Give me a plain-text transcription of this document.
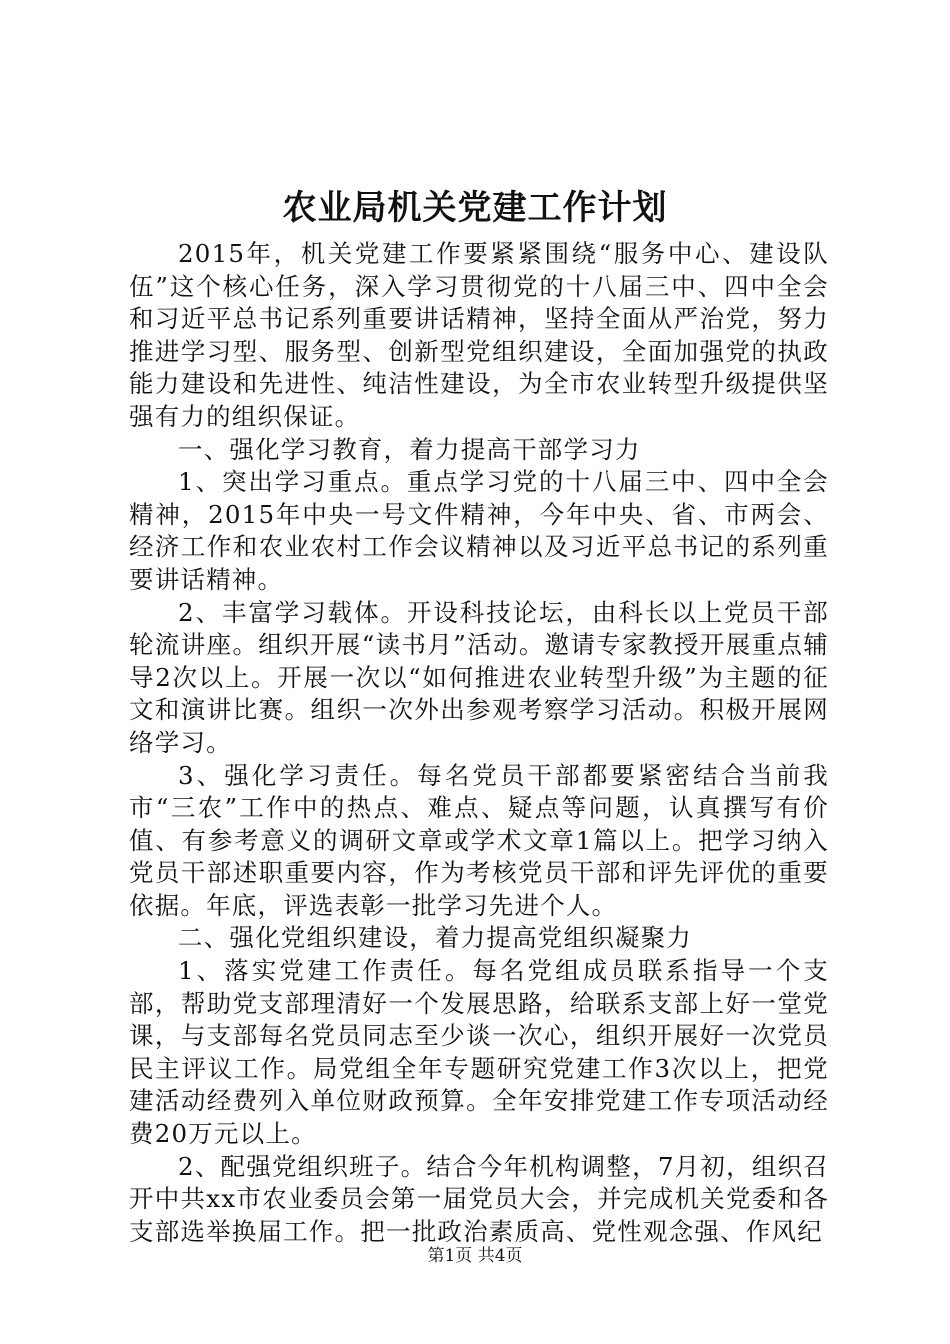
农业局机关党建工作计划

2015年，机关党建工作要紧紧围绕“服务中心、建设队伍”这个核心任务，深入学习贯彻党的十八届三中、四中全会和习近平总书记系列重要讲话精神，坚持全面从严治党，努力推进学习型、服务型、创新型党组织建设，全面加强党的执政能力建设和先进性、纯洁性建设，为全市农业转型升级提供坚强有力的组织保证。

一、强化学习教育，着力提高干部学习力

1、突出学习重点。重点学习党的十八届三中、四中全会精神，2015年中央一号文件精神，今年中央、省、市两会、经济工作和农业农村工作会议精神以及习近平总书记的系列重要讲话精神。

2、丰富学习载体。开设科技论坛，由科长以上党员干部轮流讲座。组织开展“读书月”活动。邀请专家教授开展重点辅导2次以上。开展一次以“如何推进农业转型升级”为主题的征文和演讲比赛。组织一次外出参观考察学习活动。积极开展网络学习。

3、强化学习责任。每名党员干部都要紧密结合当前我市“三农”工作中的热点、难点、疑点等问题，认真撰写有价值、有参考意义的调研文章或学术文章1篇以上。把学习纳入党员干部述职重要内容，作为考核党员干部和评先评优的重要依据。年底，评选表彰一批学习先进个人。

二、强化党组织建设，着力提高党组织凝聚力

1、落实党建工作责任。每名党组成员联系指导一个支部，帮助党支部理清好一个发展思路，给联系支部上好一堂党课，与支部每名党员同志至少谈一次心，组织开展好一次党员民主评议工作。局党组全年专题研究党建工作3次以上，把党建活动经费列入单位财政预算。全年安排党建工作专项活动经费20万元以上。

2、配强党组织班子。结合今年机构调整，7月初，组织召开中共xx市农业委员会第一届党员大会，并完成机关党委和各支部选举换届工作。把一批政治素质高、党性观念强、作风纪

第1页 共4页
